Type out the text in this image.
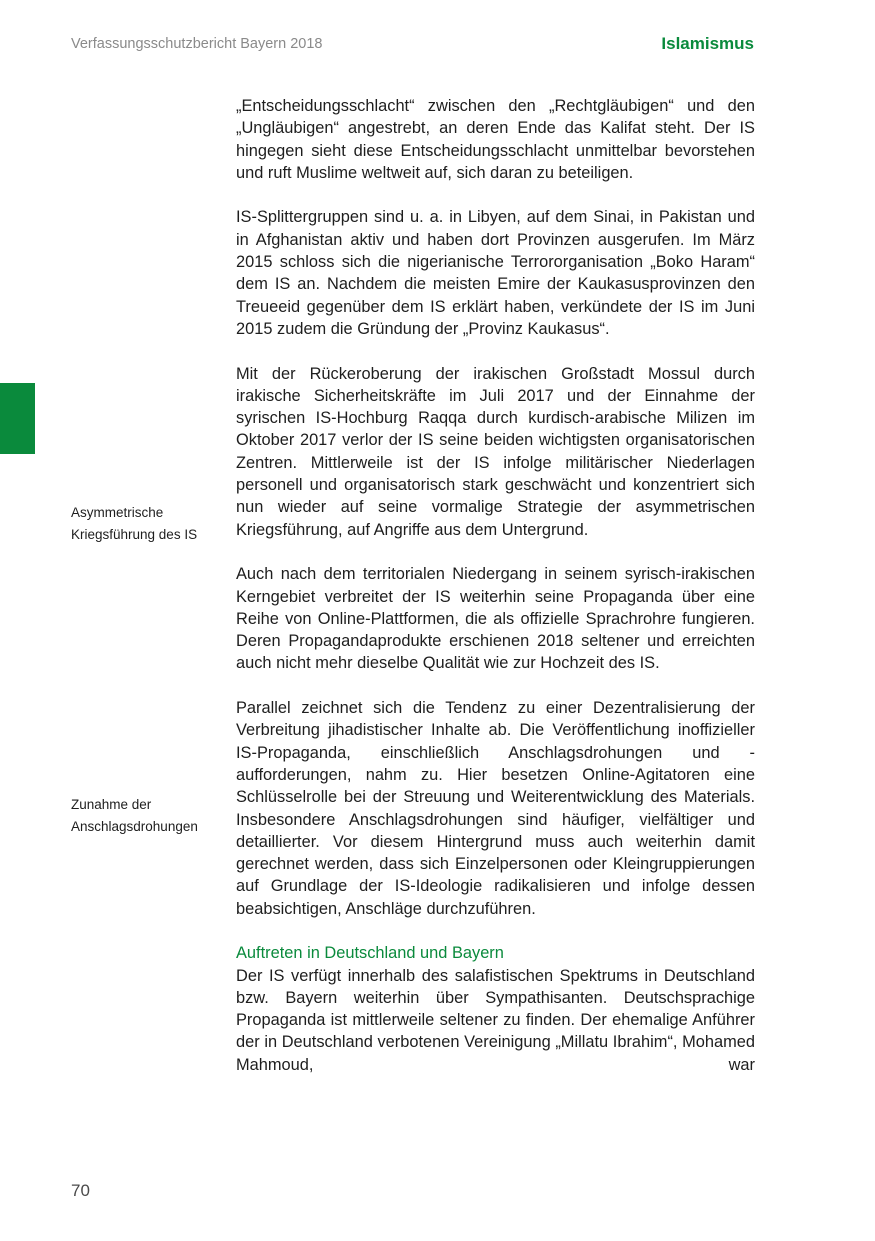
Verfassungsschutzbericht Bayern 2018	Islamismus
Asymmetrische Kriegsführung des IS
Zunahme der Anschlagsdrohungen

„Entscheidungsschlacht“ zwischen den „Rechtgläubigen“ und den „Ungläubigen“ angestrebt, an deren Ende das Kalifat steht. Der IS hingegen sieht diese Entscheidungsschlacht unmittelbar bevorstehen und ruft Muslime weltweit auf, sich daran zu beteiligen.

IS-Splittergruppen sind u. a. in Libyen, auf dem Sinai, in Pakistan und in Afghanistan aktiv und haben dort Provinzen ausgerufen. Im März 2015 schloss sich die nigerianische Terrororganisation „Boko Haram“ dem IS an. Nachdem die meisten Emire der Kaukasusprovinzen den Treueeid gegenüber dem IS erklärt haben, verkündete der IS im Juni 2015 zudem die Gründung der „Provinz Kaukasus“.

Mit der Rückeroberung der irakischen Großstadt Mossul durch irakische Sicherheitskräfte im Juli 2017 und der Einnahme der syrischen IS-Hochburg Raqqa durch kurdisch-arabische Milizen im Oktober 2017 verlor der IS seine beiden wichtigsten organisatorischen Zentren. Mittlerweile ist der IS infolge militärischer Niederlagen personell und organisatorisch stark geschwächt und konzentriert sich nun wieder auf seine vormalige Strategie der asymmetrischen Kriegsführung, auf Angriffe aus dem Untergrund.

Auch nach dem territorialen Niedergang in seinem syrisch-irakischen Kerngebiet verbreitet der IS weiterhin seine Propaganda über eine Reihe von Online-Plattformen, die als offizielle Sprachrohre fungieren. Deren Propagandaprodukte erschienen 2018 seltener und erreichten auch nicht mehr dieselbe Qualität wie zur Hochzeit des IS.

Parallel zeichnet sich die Tendenz zu einer Dezentralisierung der Verbreitung jihadistischer Inhalte ab. Die Veröffentlichung inoffizieller IS-Propaganda, einschließlich Anschlagsdrohungen und -aufforderungen, nahm zu. Hier besetzen Online-Agitatoren eine Schlüsselrolle bei der Streuung und Weiterentwicklung des Materials. Insbesondere Anschlagsdrohungen sind häufiger, vielfältiger und detaillierter. Vor diesem Hintergrund muss auch weiterhin damit gerechnet werden, dass sich Einzelpersonen oder Kleingruppierungen auf Grundlage der IS-Ideologie radikalisieren und infolge dessen beabsichtigen, Anschläge durchzuführen.

Auftreten in Deutschland und Bayern

Der IS verfügt innerhalb des salafistischen Spektrums in Deutschland bzw. Bayern weiterhin über Sympathisanten. Deutschsprachige Propaganda ist mittlerweile seltener zu finden. Der ehemalige Anführer der in Deutschland verbotenen Vereinigung „Millatu Ibrahim“, Mohamed Mahmoud, war

70
